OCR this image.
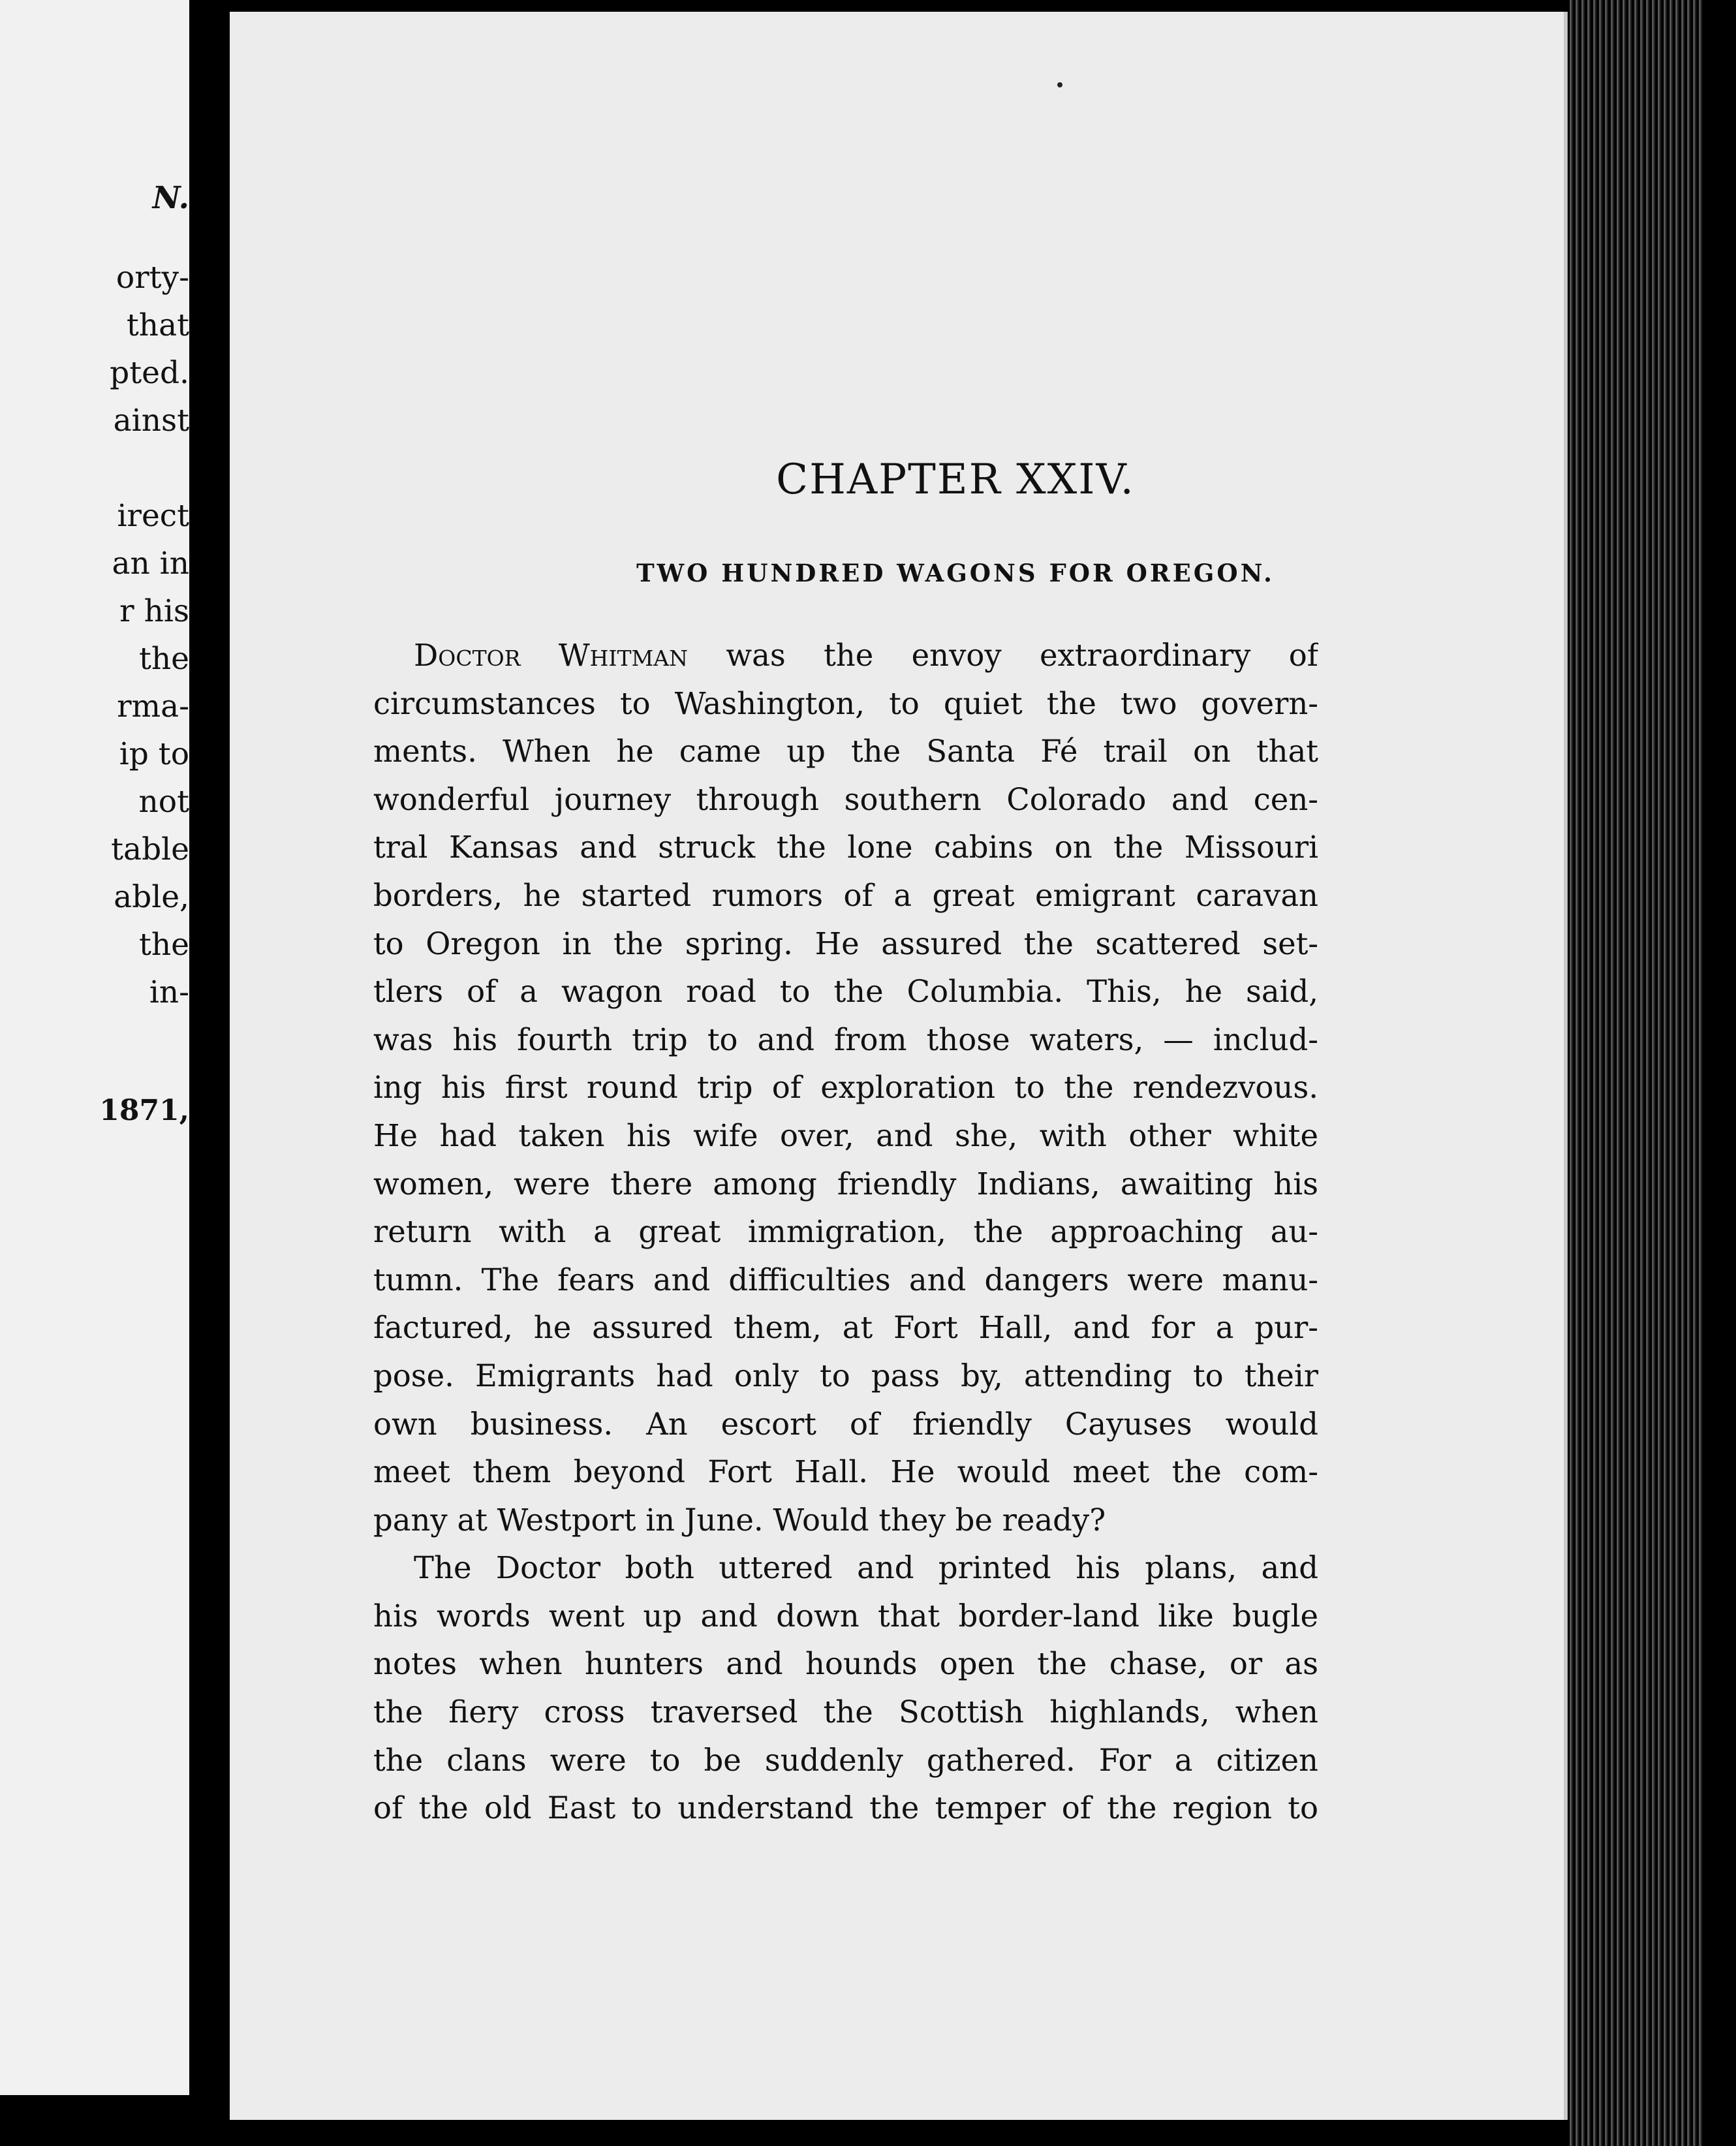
N.
orty-
that
pted.
ainst
irect
an in
r his
the
rma-
ip to
not
table
able,
the
in-
1871,
CHAPTER XXIV.
TWO HUNDRED WAGONS FOR OREGON.
Doctor Whitman was the envoy extraordinary of
circumstances to Washington, to quiet the two govern-
ments. When he came up the Santa Fé trail on that
wonderful journey through southern Colorado and cen-
tral Kansas and struck the lone cabins on the Missouri
borders, he started rumors of a great emigrant caravan
to Oregon in the spring. He assured the scattered set-
tlers of a wagon road to the Columbia. This, he said,
was his fourth trip to and from those waters, — includ-
ing his first round trip of exploration to the rendezvous.
He had taken his wife over, and she, with other white
women, were there among friendly Indians, awaiting his
return with a great immigration, the approaching au-
tumn. The fears and difficulties and dangers were manu-
factured, he assured them, at Fort Hall, and for a pur-
pose. Emigrants had only to pass by, attending to their
own business. An escort of friendly Cayuses would
meet them beyond Fort Hall. He would meet the com-
pany at Westport in June. Would they be ready?
The Doctor both uttered and printed his plans, and
his words went up and down that border-land like bugle
notes when hunters and hounds open the chase, or as
the fiery cross traversed the Scottish highlands, when
the clans were to be suddenly gathered. For a citizen
of the old East to understand the temper of the region to
